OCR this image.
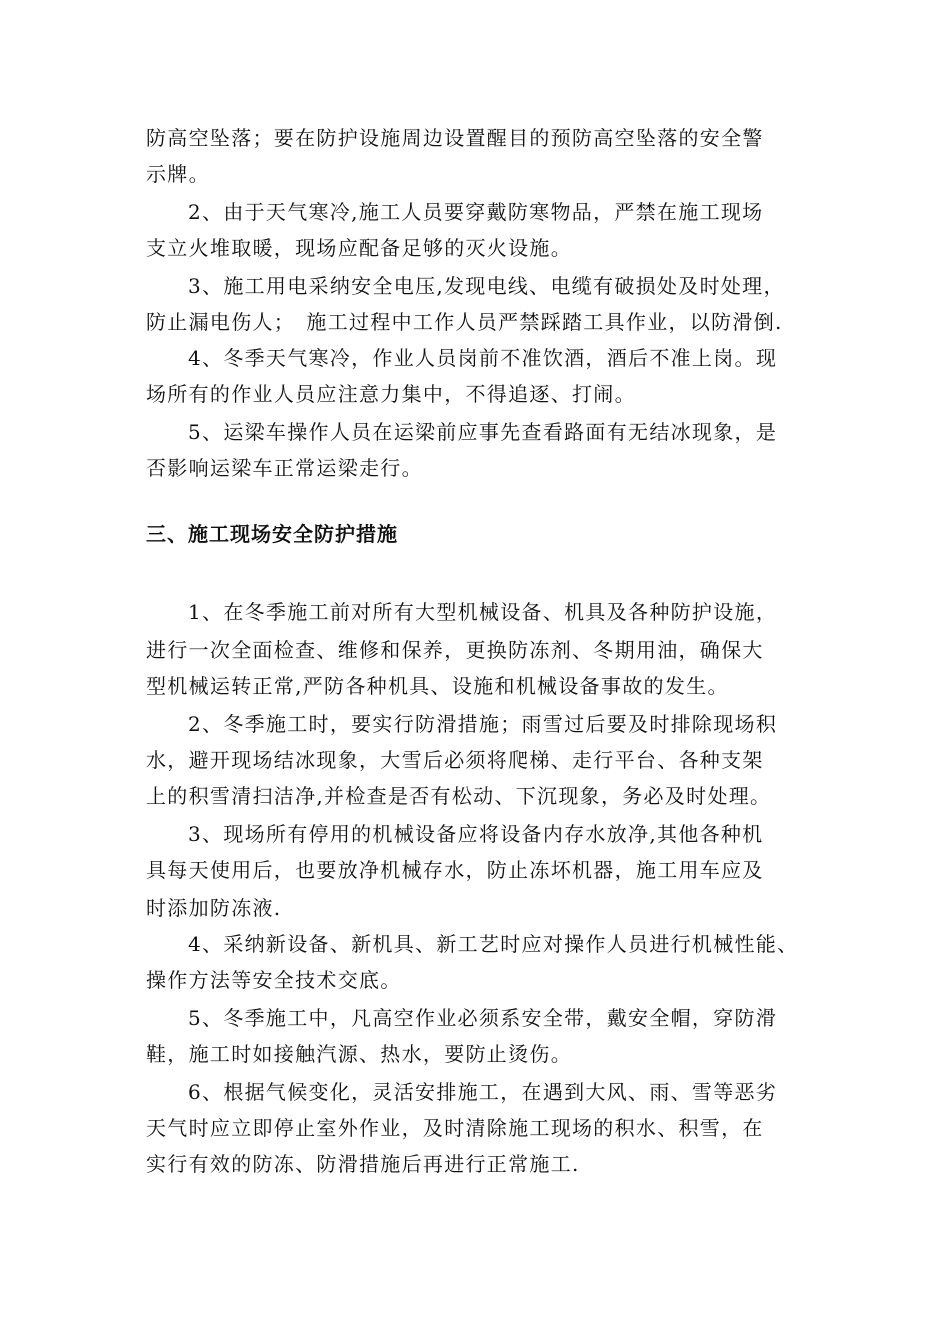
防高空坠落；要在防护设施周边设置醒目的预防高空坠落的安全警
示牌。
2、由于天气寒冷,施工人员要穿戴防寒物品，严禁在施工现场
支立火堆取暖，现场应配备足够的灭火设施。
3、施工用电采纳安全电压,发现电线、电缆有破损处及时处理，
防止漏电伤人；　施工过程中工作人员严禁踩踏工具作业，以防滑倒.
4、冬季天气寒冷，作业人员岗前不准饮酒，酒后不准上岗。现
场所有的作业人员应注意力集中，不得追逐、打闹。
5、运梁车操作人员在运梁前应事先查看路面有无结冰现象，是
否影响运梁车正常运梁走行。
三、施工现场安全防护措施
1、在冬季施工前对所有大型机械设备、机具及各种防护设施，
进行一次全面检查、维修和保养，更换防冻剂、冬期用油，确保大
型机械运转正常,严防各种机具、设施和机械设备事故的发生。
2、冬季施工时，要实行防滑措施；雨雪过后要及时排除现场积
水，避开现场结冰现象，大雪后必须将爬梯、走行平台、各种支架
上的积雪清扫洁净,并检查是否有松动、下沉现象，务必及时处理。
3、现场所有停用的机械设备应将设备内存水放净,其他各种机
具每天使用后，也要放净机械存水，防止冻坏机器，施工用车应及
时添加防冻液.
4、采纳新设备、新机具、新工艺时应对操作人员进行机械性能、
操作方法等安全技术交底。
5、冬季施工中，凡高空作业必须系安全带，戴安全帽，穿防滑
鞋，施工时如接触汽源、热水，要防止烫伤。
6、根据气候变化，灵活安排施工，在遇到大风、雨、雪等恶劣
天气时应立即停止室外作业，及时清除施工现场的积水、积雪，在
实行有效的防冻、防滑措施后再进行正常施工.
